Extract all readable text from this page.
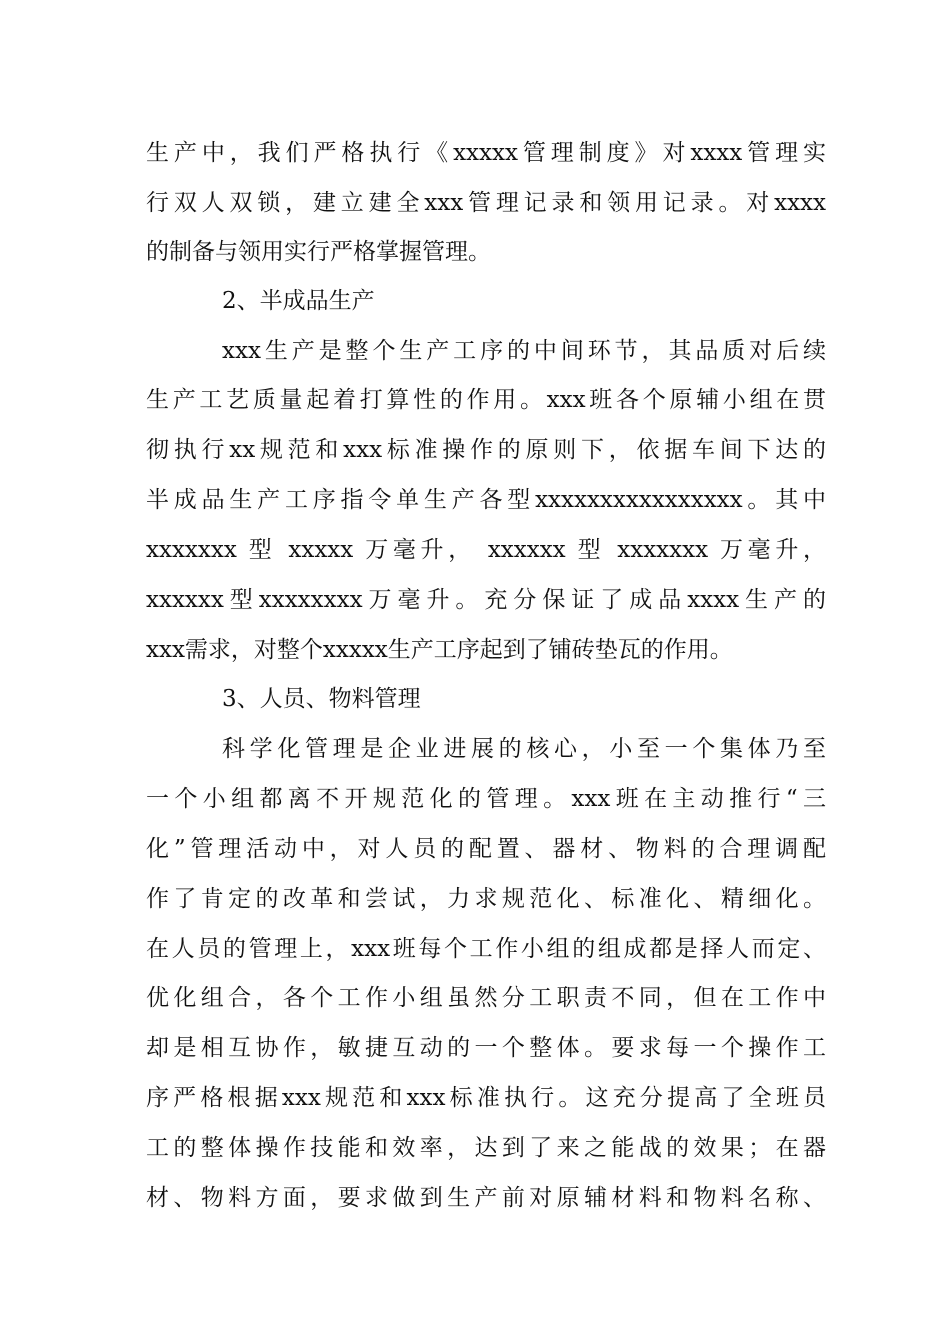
生产中，我们严格执行《xxxxx管理制度》对xxxx管理实
行双人双锁，建立建全xxx管理记录和领用记录。对xxxx
的制备与领用实行严格掌握管理。
2、半成品生产
xxx生产是整个生产工序的中间环节，其品质对后续
生产工艺质量起着打算性的作用。xxx班各个原辅小组在贯
彻执行xx规范和xxx标准操作的原则下，依据车间下达的
半成品生产工序指令单生产各型xxxxxxxxxxxxxxxx。其中
xxxxxxx 型 xxxxx 万毫升， xxxxxx 型 xxxxxxx 万毫升，
xxxxxx型xxxxxxxx万毫升。充分保证了成品xxxx生产的
xxx需求，对整个xxxxx生产工序起到了铺砖垫瓦的作用。
3、人员、物料管理
科学化管理是企业进展的核心，小至一个集体乃至
一个小组都离不开规范化的管理。xxx班在主动推行“三
化”管理活动中，对人员的配置、器材、物料的合理调配
作了肯定的改革和尝试，力求规范化、标准化、精细化。
在人员的管理上，xxx班每个工作小组的组成都是择人而定、
优化组合，各个工作小组虽然分工职责不同，但在工作中
却是相互协作，敏捷互动的一个整体。要求每一个操作工
序严格根据xxx规范和xxx标准执行。这充分提高了全班员
工的整体操作技能和效率，达到了来之能战的效果；在器
材、物料方面，要求做到生产前对原辅材料和物料名称、
